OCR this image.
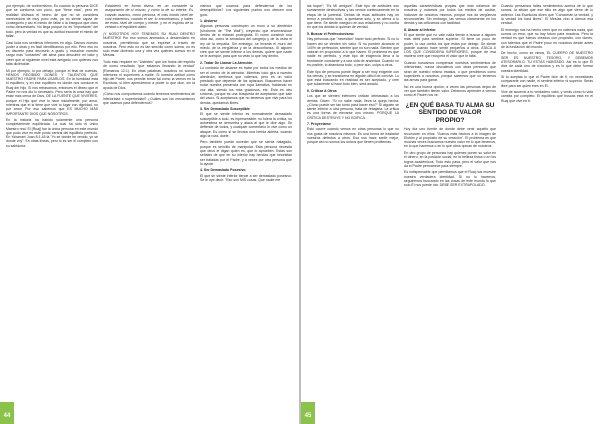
por ejemplo, de conformismo. Es cuando la persona DICE que se conforma con poco, que "tiene más", pero en realidad disfraza el hecho de que no se considera merecedora de muy poco más, ya no siente capaz de conseguirlo y así el miedo de fallar o la insegura que claro como denuestrarlo. No llega porque no es "importante" del todo, pero la verdad es que su actitud esconde el miedo de fallar.

Casi toda nos sentimos inferiores en algo. Damos nuestro poder a otras y es fácil identificarnos por ello. Pero eso no es discreto para decírselo a gusto y escuchar nuestro cargo más "cortantes" del alma para descubrir mi valor y creer que al siguiente nivel está amigado con quienes nos falta diciéndole.

Mi por ejemplo, lo por debajo, porque el final de cuentas, HEMOS RECIBIDO DONES Y TALENTOS QUE NUESTRO PADRE PARA USARLOS. En la humildad está el equilibrio, y en ese equilibrio es donde nos conduce el Ruaj del Hijo. Si nos retrasamos, entonces el deseo que el Padre no nos dio lo necesario. Pero sería la cosa hay que estar más cerca de Dios, DE LA FUENTE QUE VIVIERES, porque el Hijo que vive lo hace inicialmente, por amor, mientras que el sí tiene que vivir tu lugar con dignidad, no por amor. Por eso sabemos que ES MUCHO MÁS IMPORTANTE DIOS QUE NOSOTROS.

En la historia ha habido solamente una persona completamente equilibrada. La cual ha sido el único Maestro real. El (Ruaj) fue la única persona en este mundo que pudo vivir en este punto central del equilibrio perfecto. En Yohanan/ Juan 8:1-45 la "Yo sé dónde he venido, yo sé dónde voy". En otras líneas, pero lo es ser el completo con su sabiduría.

Estableció en forma divina, en un constante la aseguración de sí mismo, y como la de su interior. Es cuando usamos, como persona, el más hondo nivel de cual estaremos, cuando el ser, lo encontramos, y haber de estos nivel de cuerpo y mente, y en el espíritu de la verdad o el equilibrio dado.

¡Y NOSOTROS HOY TENEMOS SU RUAJ DENTRO NUESTRO! Por eso somos animados a desarrollarlo en nosotros, permitiendo que se exprese a través de nosotros. Pero esto no es tan sencillo como suena, no es solo estar diciendo una y otra vez quiénes somos en el Mesías.

Todo esto requiere en "Ustedes" que los frutos del espíritu dé como resultado "que estamos llevando la verdad" (Romanos 12:1). En otras palabras, nosotros no somos inferiores ni superiores a nadie. Si nuestra actitud como hijo del Padre, nos permite tomar tal como la vemos en la Escritura, si bien aprendemos a poder lo que dice, sin la ayuda de Dios.

¡Cómo nos comportamos cuando tenemos sentimientos de inferioridad o superioridad? ¿Cuáles son los mecanismos que usamos para defendernos?

nismos que usamos para defendernos de los desequilibrios? Los siguientes puntos nos ofrecen una guía.

1. Aislarse

Algunas personas construyen un muro a su alrededor (síndrome de "The Wall"), creyendo que encerrándose dentro de sí estarán protegidas. El como construir una obra así, como la armadura del cangrejo y de la ostra el rey de la empatía. Sin embargo, se levanta el muro del miedo, de la vergüenza y de la desconfianza. Si alguien cree que se siente inferior a los demás, quiere que nadie se le acerque, para que no vean lo que hay dentro.

2. Tratar De Llamar La Atención

Lo contrario de aislarse es tratar por todos los medios de ser el centro de la atención. Mientras todo gira a nuestro alrededor, sentimos que valemos, pero es un valor prestado que depende de los aplausos. Buscamos hacer notar nuestra presencia con ropa llamativa, hablando en voz alta, siendo los más graciosos, etc. Esto es otro síntoma, porque es una búsqueda de aceptación que sale del vacío. Si aceptamos que no tenemos que vivir para los demás, quedamos libres.

3. Ser Demasiado Susceptible

El que se siente inferior es normalmente demasiado susceptible a todo, es hipersensible: no tolera la crítica, su autoestima se derrumba y ataca al que le dice algo. Se defiende de todos, y cualquier comentario lo vive como un ataque. Es como si se llevara una herida abierta, cuando algo la roza, duele.

Pero también puede suceder que se sienta halagado, porque es sencillo de manipular. Esta persona necesita que otros le digan quién es, que lo aprueben. Estas son señales de que en su interior hay heridas que necesitan ser tratadas por el Padre, y a veces por otra persona que lo ayude.

4. Ser Demasiado Posesivo

El que se siente inferior tiende a ser demasiado posesivo. Se le oye decir: "Eso son MIS cosas. Que nadie me

44

las toque"; "Es MI amigo/a". Este tipo de actitudes son sumamente destructivas y las vemos continuamente en la etapa de la juventud. Detrás de esas actitudes hay un temor a perderlo todo, a quedarse solo, y se aferra a lo que tiene. Se siente inseguro en sus relaciones y no confía en que los demás lo quieran de verdad.

5. Buscar el Perfeccionismo

Hay personas que "necesitan" hacer todo perfecto. Si no lo hacen así se sienten sin valor. Si no pueden alcanzar el 100% de perfección, sienten que no son nada. Sienten que valoran en proporción a lo que hacen. El problema es que nadie es perfecto, y este tipo de exigencia lleva a la frustración constante y a una vida de ansiedad. Cuando no es posible, lo abandona todo, o peor aún, culpa a otros.

Este tipo de persona puede llegar a ser muy exigente con los demás, y se transforma en alguien difícil de convivir. Lo que está buscando en realidad es ser aceptado, y cree que solamente si hace todo bien, será amado.

6. Criticar A Otros

Los que se sienten inferiores critican demasiado a los demás. Dicen: "Si no sabe nada, lleva la queja hecha. ¿Cómo puede ser tan tonto para hacer eso?" Si alguien se siente inferior a otra persona, trata de rebajarla. La crítica es una forma de elevarse uno mismo. PORQUE LA CRÍTICA DESTRUYE Y NO EDIFICA.

7. Proyectarse

Esto ocurre cuando vemos en otras personas lo que no nos gusta de nosotros mismos. Es una forma de trasladar nuestros defectos a otros. Eso nos hace sentir mejor, porque así no somos los únicos que tienen problemas.

aquellas características propias que más odiamos de nosotros y notamos por todos los medios de ocultar, inclusive de nosotros mismos, porque nos da vergüenza reconocerlas. Sin embargo, las vemos claramente en los demás y las criticamos con facilidad.

8. Atacar al Inferior

El que siente que no vale nada tiende a buscar a alguien más débil para sentirse superior. Si tiene un poco de poder, lo usa contra los que están por debajo. Se siente grande cuando hace sentir pequeños a otros. ATACA A LOS QUE CONSIDERA INFERIORES, porque de esa manera cree que recupera el valor que le falta.

Cuando buscamos compensar nuestros sentimientos de inferioridad, nunca discutimos con otras personas que sean de nuestro mismo estatus, o que percibimos como superiores a nosotros, porque sabemos que no tenemos las armas para ganar.

No es una buena opción; a veces las personas dejan de ver que también tienen valor. Debemos aprender a vernos como el Padre nos ve.

¿EN QUÉ BASA TU ALMA SU SENTIDO DE VALOR PROPIO?

Hoy día uno fuente de donde debe venir aquello que reconocen en ellos: "Somos más hechos a la imagen de Elohim y al propósito de su creación". El problema es que muchas veces buscamos nuestro valor en lo que tenemos, en lo que hacemos o en lo que otros opinan de nosotros.

En otro grupo de personas hay quienes ponen su valor en el dinero, en la posición social, en la belleza física o en los logros académicos. Todo esto pasa, pero el valor que nos da el Padre permanece para siempre.

Es indispensable que permitamos que el Ruaj nos muestre nuestra verdadera identidad. Si no lo hacemos, seguiremos buscando en las cosas de este mundo lo que solo Él nos puede dar. DEBE SER EXTRAPOLADO.

Cuando pensamos fallas sentimientos acerca de lo que somos, la sitúan que ese sitio es algo que viene de lo anterior. Las Escrituras dicen que "Conocerán la verdad, y la verdad los hará libres". El Mesías vino a darnos esa verdad.

El enemigo nos ha hecho creer que no valemos nada, que somos un error, que no hay futuro para nosotros. Pero la verdad es que fuimos creados con propósito, con dones, con talentos que el Padre puso en nosotros desde antes de la fundación del mundo.

De hecho, como se vimos, EL CUERPO DE NUESTRO SER ES NUESTRO TESORO, Y DEBEMOS ATESORARLO. TU ESTÁS HABITADO. Así es lo que Él dice de cada uno de nosotros y es lo que debe formar nuestra identidad.

Si tu aceptas lo que el Padre dice de ti, no necesitarás compararte con nadie, ni sentirte inferior ni superior. Serás libre para ser quien eres en Él.

Vive de acuerdo a tu verdadero valor, y verás cómo tu vida cambia por completo. El equilibrio que buscas está en el Ruaj que vive en ti.

45
